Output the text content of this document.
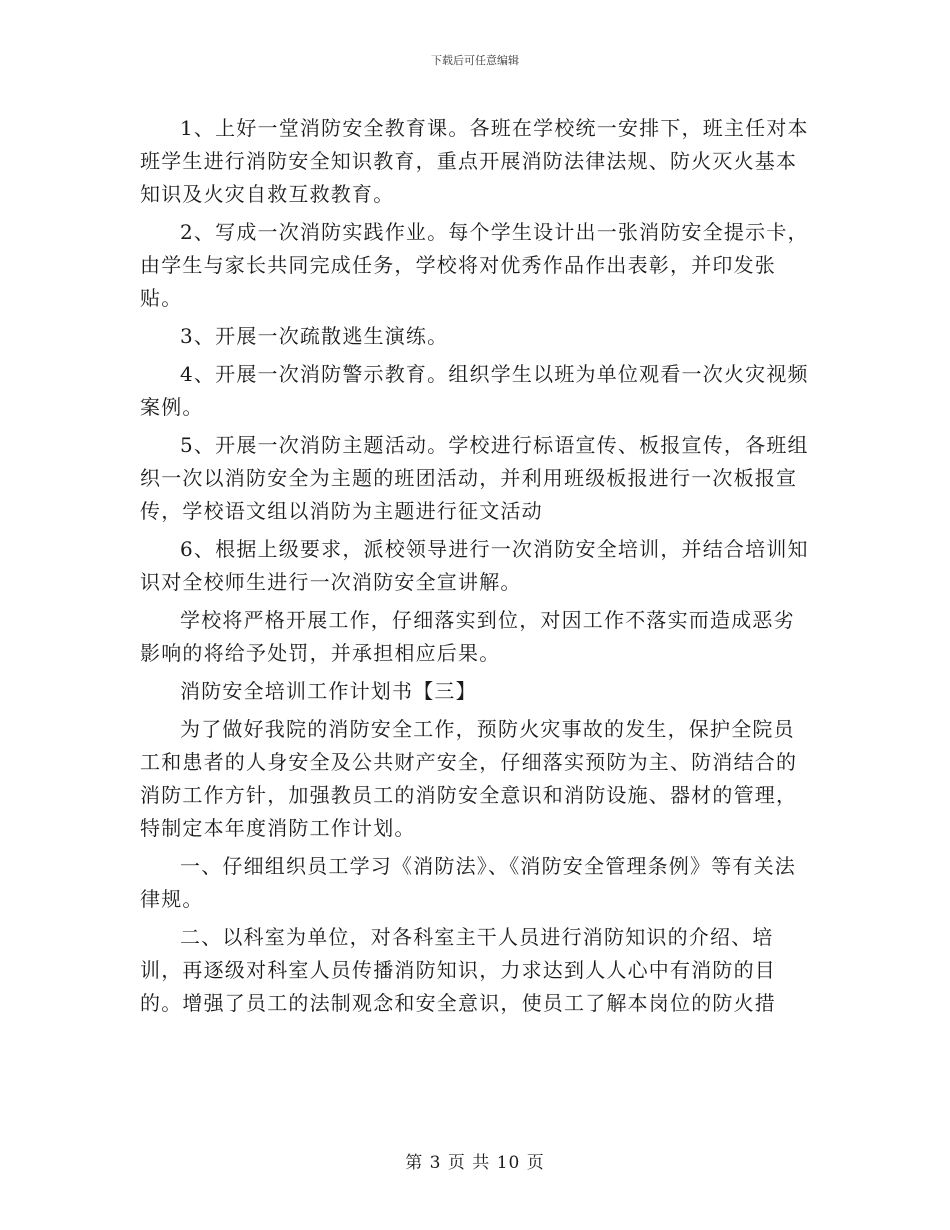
下载后可任意编辑

1、上好一堂消防安全教育课。各班在学校统一安排下，班主任对本班学生进行消防安全知识教育，重点开展消防法律法规、防火灭火基本知识及火灾自救互救教育。

2、写成一次消防实践作业。每个学生设计出一张消防安全提示卡，由学生与家长共同完成任务，学校将对优秀作品作出表彰，并印发张贴。

3、开展一次疏散逃生演练。

4、开展一次消防警示教育。组织学生以班为单位观看一次火灾视频案例。

5、开展一次消防主题活动。学校进行标语宣传、板报宣传，各班组织一次以消防安全为主题的班团活动，并利用班级板报进行一次板报宣传，学校语文组以消防为主题进行征文活动

6、根据上级要求，派校领导进行一次消防安全培训，并结合培训知识对全校师生进行一次消防安全宣讲解。

学校将严格开展工作，仔细落实到位，对因工作不落实而造成恶劣影响的将给予处罚，并承担相应后果。

消防安全培训工作计划书【三】

为了做好我院的消防安全工作，预防火灾事故的发生，保护全院员工和患者的人身安全及公共财产安全，仔细落实预防为主、防消结合的消防工作方针，加强教员工的消防安全意识和消防设施、器材的管理，特制定本年度消防工作计划。

一、仔细组织员工学习《消防法》、《消防安全管理条例》等有关法律规。

二、以科室为单位，对各科室主干人员进行消防知识的介绍、培训，再逐级对科室人员传播消防知识，力求达到人人心中有消防的目的。增强了员工的法制观念和安全意识，使员工了解本岗位的防火措

第 3 页 共 10 页
